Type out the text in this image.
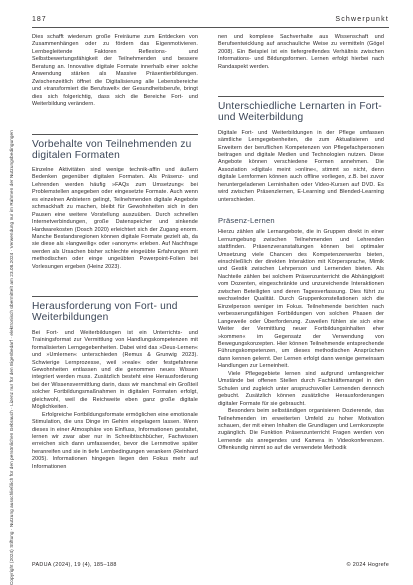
Copyright (2024) Stiftung · Nutzung ausschließlich für den persönlichen Gebrauch · Lizenz nur für den Eigenbedarf · elektronisch übermittelt am 23.08.2024 · Verwendung nur im Rahmen der Nutzungsbedingungen
187	Schwerpunkt

Dies schafft wiederum große Freiräume zum Entdecken von Zusammenhängen oder zu fördern das Eigenmotivieren. Lernbegleitende Faktoren Reflexions- und Selbstbewertungsfähigkeit der Teilnehmenden und bessere Beratung an. Innovative digitale Formate innerhalb einer solche Anwendung stärken als Massive Präsentierbildungen. Zwischenzeitlich öffnet die Digitalisierung alle Lebensbereiche und »transformiert die Berufswelt« der Gesundheitsberufe, bringt dies sich folgerichtig, dass sich die Bereiche Fort- und Weiterbildung verändern.

Vorbehalte von Teilnehmenden zu digitalen Formaten

Einzelne Aktivitäten sind wenige technik-affin und äußern Bedenken gegenüber digitalen Formaten. Als Präsenz- und Lehrenden werden häufig »FAQs zum Umsetzung« bei Problemstellen angegeben oder eingesetzte Formate. Auch wenn es einzelnen Anbietern gelingt, Teilnehmenden digitale Angebote schmackhaft zu machen, bleibt für Gewohnheiten sich in den Pausen eine weitere Vorstellung auszuüben. Durch schnellen Internetverbindungen, große Datenspeicher und sinkende Hardwarekosten (Dosch 2020) erleichtert sich der Zugang enorm. Manche Bestandsregionen können digitale Formate gezielt ab, da sie diese als »langweilig« oder »anonym« erleben. Auf Nachfrage werden als Ursachen bisher schlechte eingeübte Erfahrungen mit methodischen oder einge ungeübten Powerpoint-Folien bei Vorlesungen ergeben (Heinz 2023).

Herausforderung von Fort- und Weiterbildungen

Bei Fort- und Weiterbildungen ist ein Unterrichts- und Trainingsformat zur Vermittlung von Handlungskompetenzen mit formalisierten Lerngegebenheiten. Dabei wird das »Deus-Lernen« und »Umlernen« unterschieden (Remus & Grunwig 2023). Schwierige Lernprozesse, weil »reale« oder festgefahrene Gewohnheiten entlassen und die genommen neues Wissen integriert werden muss. Zusätzlich besteht eine Herausforderung bei der Wissensvermittlung darin, dass wir manchmal ein Großteil solcher Fortbildungsmaßnahmen in digitalen Formaten erfolgt, gleichwohl, weil die Reichweite eben ganz große digitale Möglichkeiten.

Erfolgreiche Fortbildungsformate ermöglichen eine emotionale Stimulation, die uns Dinge im Gehirn eingelagern lassen. Wenn dieses in einer Atmosphäre von Einfluss, Informationen gestaltet, lernen wir zwar aber nur in Schreibtischbücher, Fachwissen erreichen sich dann umfassender, bevor die Lernmotive später heranreifen und sie in tiefe Lernbedingungen verankern (Reinhard 2005). Informationen hingegen liegen den Fokus mehr auf Informationen

nen und komplexe Sachverhalte aus Wissenschaft und Berufsentwicklung auf anschauliche Weise zu vermitteln (Gögel 2008). Ein Beispiel ist ein tiefergreifendes Verhältnis zwischen Informations- und Bildungsformen. Lernen erfolgt hierbei nach Randaspekt werden.

Unterschiedliche Lernarten in Fort- und Weiterbildung

Digitale Fort- und Weiterbildungen in der Pflege umfassen sämtliche Lerngegebenheiten, die zum Aktualisieren und Erweitern der beruflichen Kompetenzen von Pflegefachpersonen beitragen und digitale Medien und Technologien nutzen. Diese Angebote können verschiedene Formen annehmen. Die Assoziation »digital« meint »online«, stimmt so nicht, denn digitale Lernformen können auch offline vorliegen, z.B. bei zuvor heruntergeladenen Lerninhalten oder Video-Kursen auf DVD. Es wird zwischen Präsenzlernen, E-Learning und Blended-Learning unterschieden.

Präsenz-Lernen

Hierzu zählen alle Lernangebote, die in Gruppen direkt in einer Lernumgebung zwischen Teilnehmenden und Lehrenden stattfinden. Präsenzveranstaltungen können bei optimaler Umsetzung viele Chancen des Kompetenzerwerbs bieten, einschließlich der direkten Interaktion mit Körpersprache, Mimik und Gestik zwischen Lehrperson und Lernenden bieten. Als Nachteile zählen bei solchem Präsenzunterricht die Abhängigkeit vom Dozenten, eingeschränkte und unzureichende Interaktionen zwischen Beteiligten und deren Tagesverfassung. Dies führt zu wechselnder Qualität. Durch Gruppenkonstellationen sich die Einzelperson weniger im Fokus. Teilnehmende berichten nach verbesserungsfähigen Fortbildungen von solchen Phasen der Langeweile oder Überforderung. Zuweilen fühlen sie sich eine Weiter der Vermittlung neuer Fortbildungsinhalten eher »kommen« im Gegensatz der Verwendung von Bewegungskonzepten. Hier können Teilnehmende entsprechende Führungskompetenzen, um dieses methodischen Ansprüchen dann kennen gelernt. Der Lernen erfolgt dann wenige gemeinsam Handlungen zur Lerneinheit.

Viele Pflegegebiete lernen sind aufgrund umfangreicher Umstände bei offenen Stellen durch Fachkräftemangel in den Schulen und zugleich unter anspruchsvoller Lernenden dennoch gebucht. Zusätzlich können zusätzliche Herausforderungen digitaler Formate für sie gebraucht.

Besonders beim selbständigen organisieren Dozierende, das Teilnehmenden im erweiterten Umfeld zu hoher Motivation schauen, der mit einen Inhalten die Grundlagen und Lernkonzepte zugänglich. Die Funktion Präsenzunterricht Fragen werden von Lernende als anregendes und Kamera in Videokonferenzen. Offenkundig nimmt so auf die verwendete Methodik

PADUA (2024), 19 (4), 185–188	© 2024 Hogrefe
